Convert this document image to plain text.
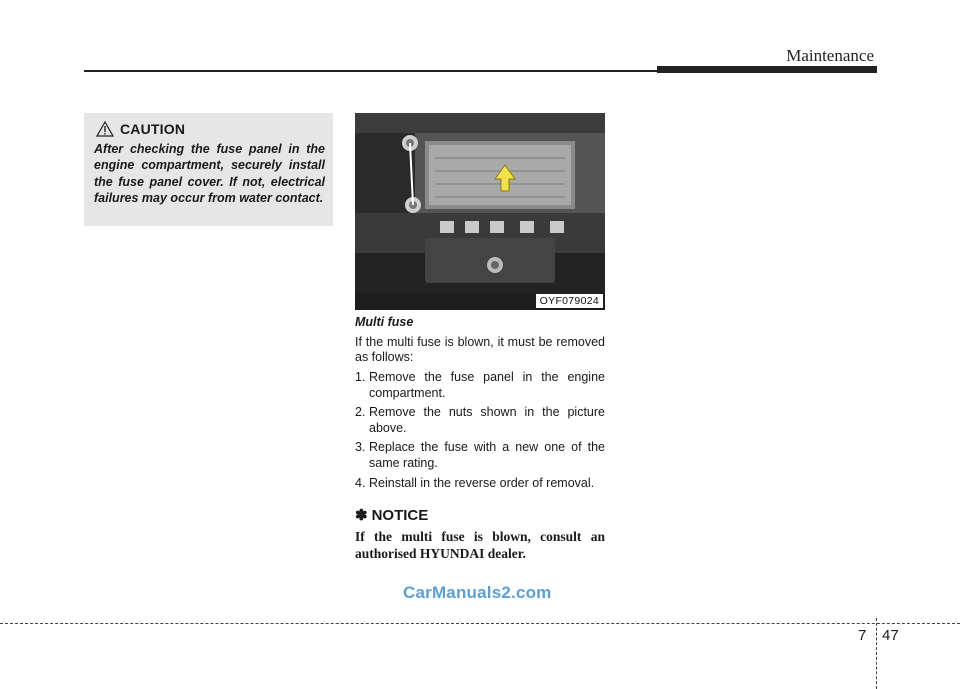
Maintenance
CAUTION
After checking the fuse panel in the engine compartment, securely install the fuse panel cover. If not, electrical failures may occur from water contact.
OYF079024
Multi fuse

If the multi fuse is blown, it must be removed as follows:

1. Remove the fuse panel in the engine compartment.
2. Remove the nuts shown in the picture above.
3. Replace the fuse with a new one of the same rating.
4. Reinstall in the reverse order of removal.
✽ NOTICE
If the multi fuse is blown, consult an authorised HYUNDAI dealer.
CarManuals2.com
7 47
